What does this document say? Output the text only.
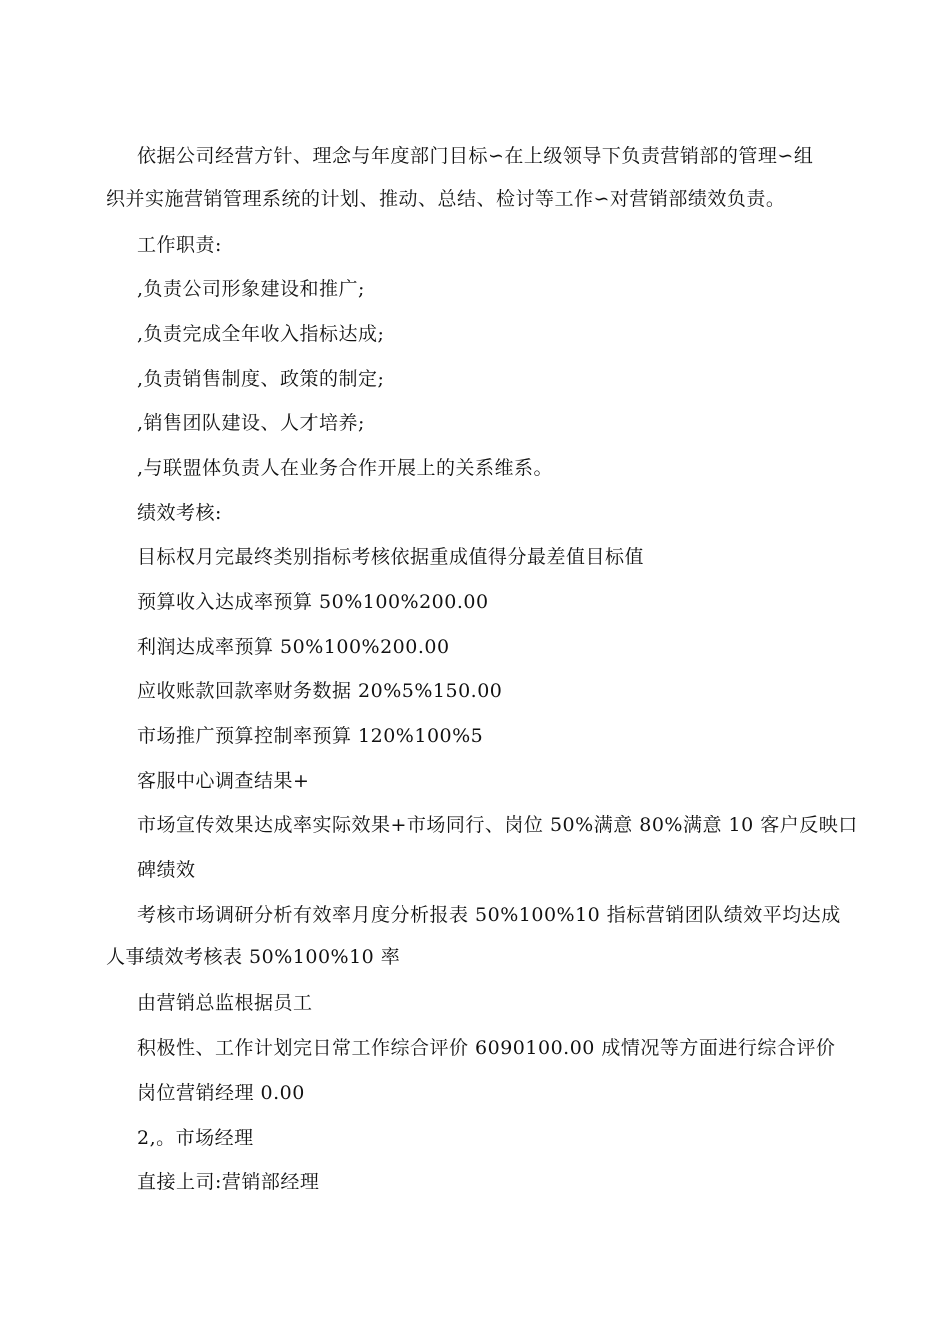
依据公司经营方针、理念与年度部门目标∽在上级领导下负责营销部的管理∽组
织并实施营销管理系统的计划、推动、总结、检讨等工作∽对营销部绩效负责。
工作职责:
,负责公司形象建设和推广;
,负责完成全年收入指标达成;
,负责销售制度、政策的制定;
,销售团队建设、人才培养;
,与联盟体负责人在业务合作开展上的关系维系。
绩效考核:
目标权月完最终类别指标考核依据重成值得分最差值目标值
预算收入达成率预算 50%100%200.00
利润达成率预算 50%100%200.00
应收账款回款率财务数据 20%5%150.00
市场推广预算控制率预算 120%100%5
客服中心调查结果+
市场宣传效果达成率实际效果+市场同行、岗位 50%满意 80%满意 10 客户反映口
碑绩效
考核市场调研分析有效率月度分析报表 50%100%10 指标营销团队绩效平均达成
人事绩效考核表 50%100%10 率
由营销总监根据员工
积极性、工作计划完日常工作综合评价 6090100.00 成情况等方面进行综合评价
岗位营销经理 0.00
2,。市场经理
直接上司:营销部经理
